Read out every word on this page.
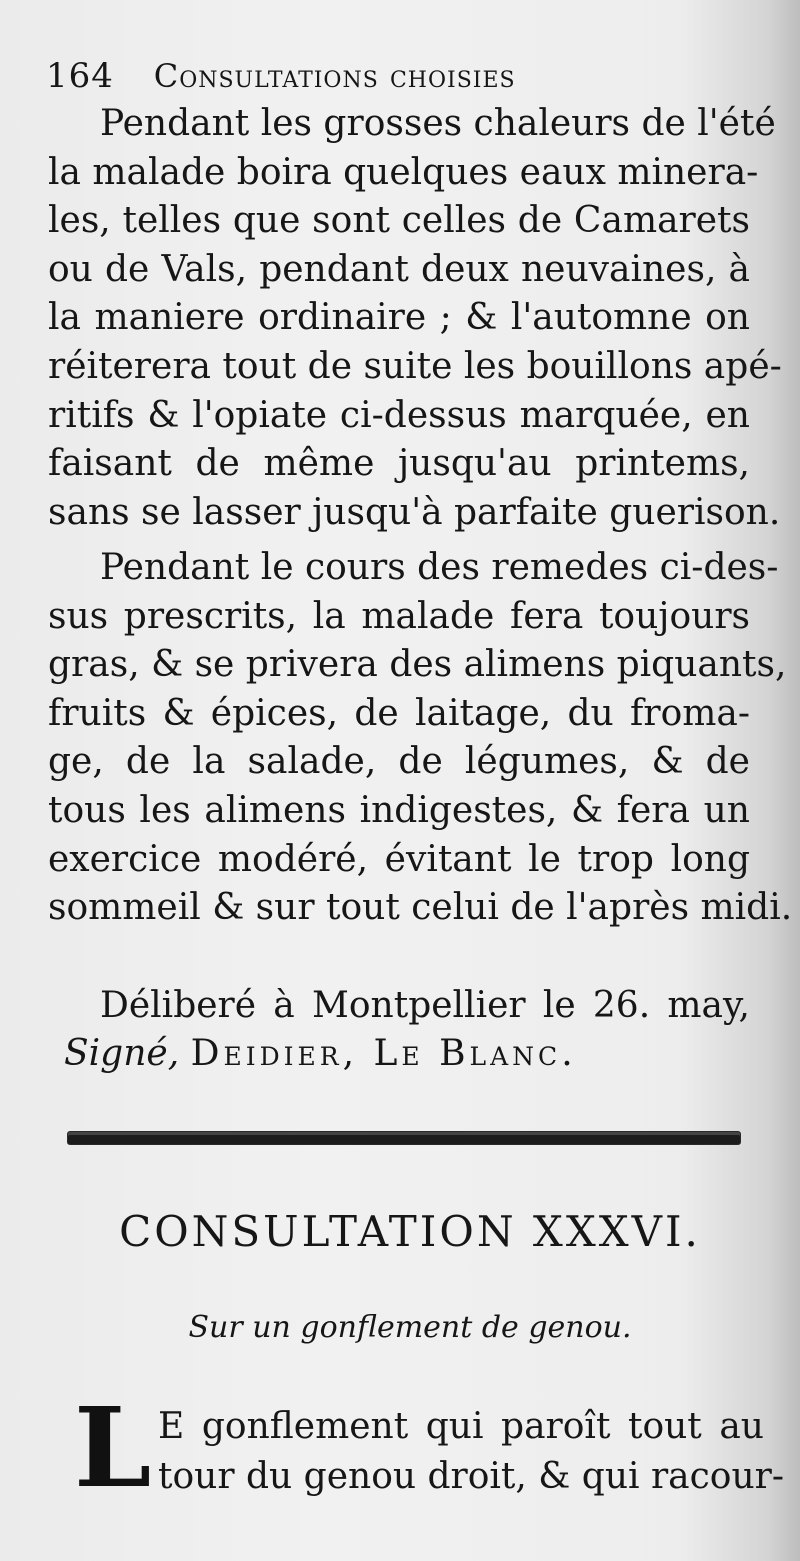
164 Consultations choisies
Pendant les grosses chaleurs de l'été
la malade boira quelques eaux minera-
les, telles que sont celles de Camarets
ou de Vals, pendant deux neuvaines, à
la maniere ordinaire ; & l'automne on
réiterera tout de suite les bouillons apé-
ritifs & l'opiate ci-dessus marquée, en
faisant de même jusqu'au printems,
sans se lasser jusqu'à parfaite guerison.
Pendant le cours des remedes ci-des-
sus prescrits, la malade fera toujours
gras, & se privera des alimens piquants,
fruits & épices, de laitage, du froma-
ge, de la salade, de légumes, & de
tous les alimens indigestes, & fera un
exercice modéré, évitant le trop long
sommeil & sur tout celui de l'après midi.
Déliberé à Montpellier le 26. may,
Signé, Deidier, Le Blanc.
CONSULTATION XXXVI.
Sur un gonflement de genou.
L E gonflement qui paroît tout au
tour du genou droit, & qui racour-
